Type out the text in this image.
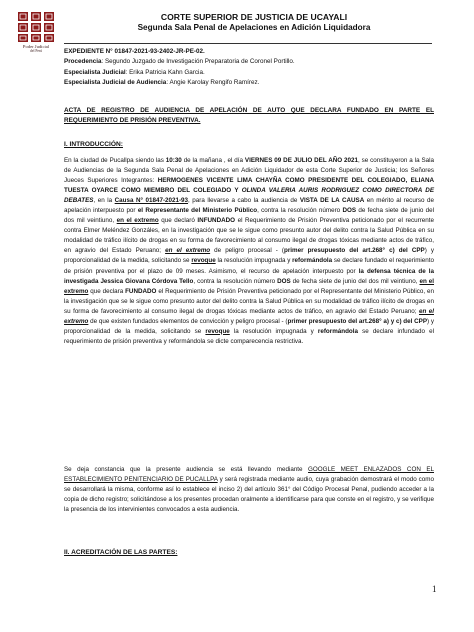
Poder Judicial
del Perú
CORTE SUPERIOR DE JUSTICIA DE UCAYALI
Segunda Sala Penal de Apelaciones en Adición Liquidadora
EXPEDIENTE N° 01847-2021-93-2402-JR-PE-02.
Procedencia: Segundo Juzgado de Investigación Preparatoria de Coronel Portillo.
Especialista Judicial: Erika Patricia Kahn Garcia.
Especialista Judicial de Audiencia: Angie Karolay Rengifo Ramírez.
ACTA DE REGISTRO DE AUDIENCIA DE APELACIÓN DE AUTO QUE DECLARA FUNDADO EN PARTE EL REQUERIMIENTO DE PRISIÓN PREVENTIVA.
I. INTRODUCCIÓN:
En la ciudad de Pucallpa siendo las 10:30 de la mañana , el día VIERNES 09 DE JULIO DEL AÑO 2021, se constituyeron a la Sala de Audiencias de la Segunda Sala Penal de Apelaciones en Adición Liquidador de esta Corte Superior de Justicia; los Señores Jueces Superiores Integrantes: HERMOGENES VICENTE LIMA CHAYÑA COMO PRESIDENTE DEL COLEGIADO, ELIANA TUESTA OYARCE COMO MIEMBRO DEL COLEGIADO Y OLINDA VALERIA AURIS RODRIGUEZ COMO DIRECTORA DE DEBATES, en la Causa N° 01847-2021-93, para llevarse a cabo la audiencia de VISTA DE LA CAUSA en mérito al recurso de apelación interpuesto por el Representante del Ministerio Público, contra la resolución número DOS de fecha siete de junio del dos mil veintiuno, en el extremo que declaró INFUNDADO el Requerimiento de Prisión Preventiva peticionado por el recurrente contra Elmer Meléndez Gonzáles, en la investigación que se le sigue como presunto autor del delito contra la Salud Pública en su modalidad de tráfico ilícito de drogas en su forma de favorecimiento al consumo ilegal de drogas tóxicas mediante actos de tráfico, en agravio del Estado Peruano; en el extremo de peligro procesal - (primer presupuesto del art.268° c) del CPP) y proporcionalidad de la medida, solicitando se revoque la resolución impugnada y reformándola se declare fundado el requerimiento de prisión preventiva por el plazo de 09 meses. Asimismo, el recurso de apelación interpuesto por la defensa técnica de la investigada Jessica Giovana Córdova Tello, contra la resolución número DOS de fecha siete de junio del dos mil veintiuno, en el extremo que declara FUNDADO el Requerimiento de Prisión Preventiva peticionado por el Representante del Ministerio Público, en la investigación que se le sigue como presunto autor del delito contra la Salud Pública en su modalidad de tráfico ilícito de drogas en su forma de favorecimiento al consumo ilegal de drogas tóxicas mediante actos de tráfico, en agravio del Estado Peruano; en el extremo de que existen fundados elementos de convicción y peligro procesal - (primer presupuesto del art.268° a) y c) del CPP) y proporcionalidad de la medida, solicitando se revoque la resolución impugnada y reformándola se declare infundado el requerimiento de prisión preventiva y reformándola se dicte comparecencia restrictiva.
Se deja constancia que la presente audiencia se está llevando mediante GOOGLE MEET ENLAZADOS CON EL ESTABLECIMIENTO PENITENCIARIO DE PUCALLPA y será registrada mediante audio, cuya grabación demostrará el modo como se desarrollará la misma, conforme así lo establece el inciso 2) del artículo 361° del Código Procesal Penal, pudiendo acceder a la copia de dicho registro; solicitándose a los presentes procedan oralmente a identificarse para que conste en el registro, y se verifique la presencia de los intervinientes convocados a esta audiencia.
II. ACREDITACIÓN DE LAS PARTES:
1
